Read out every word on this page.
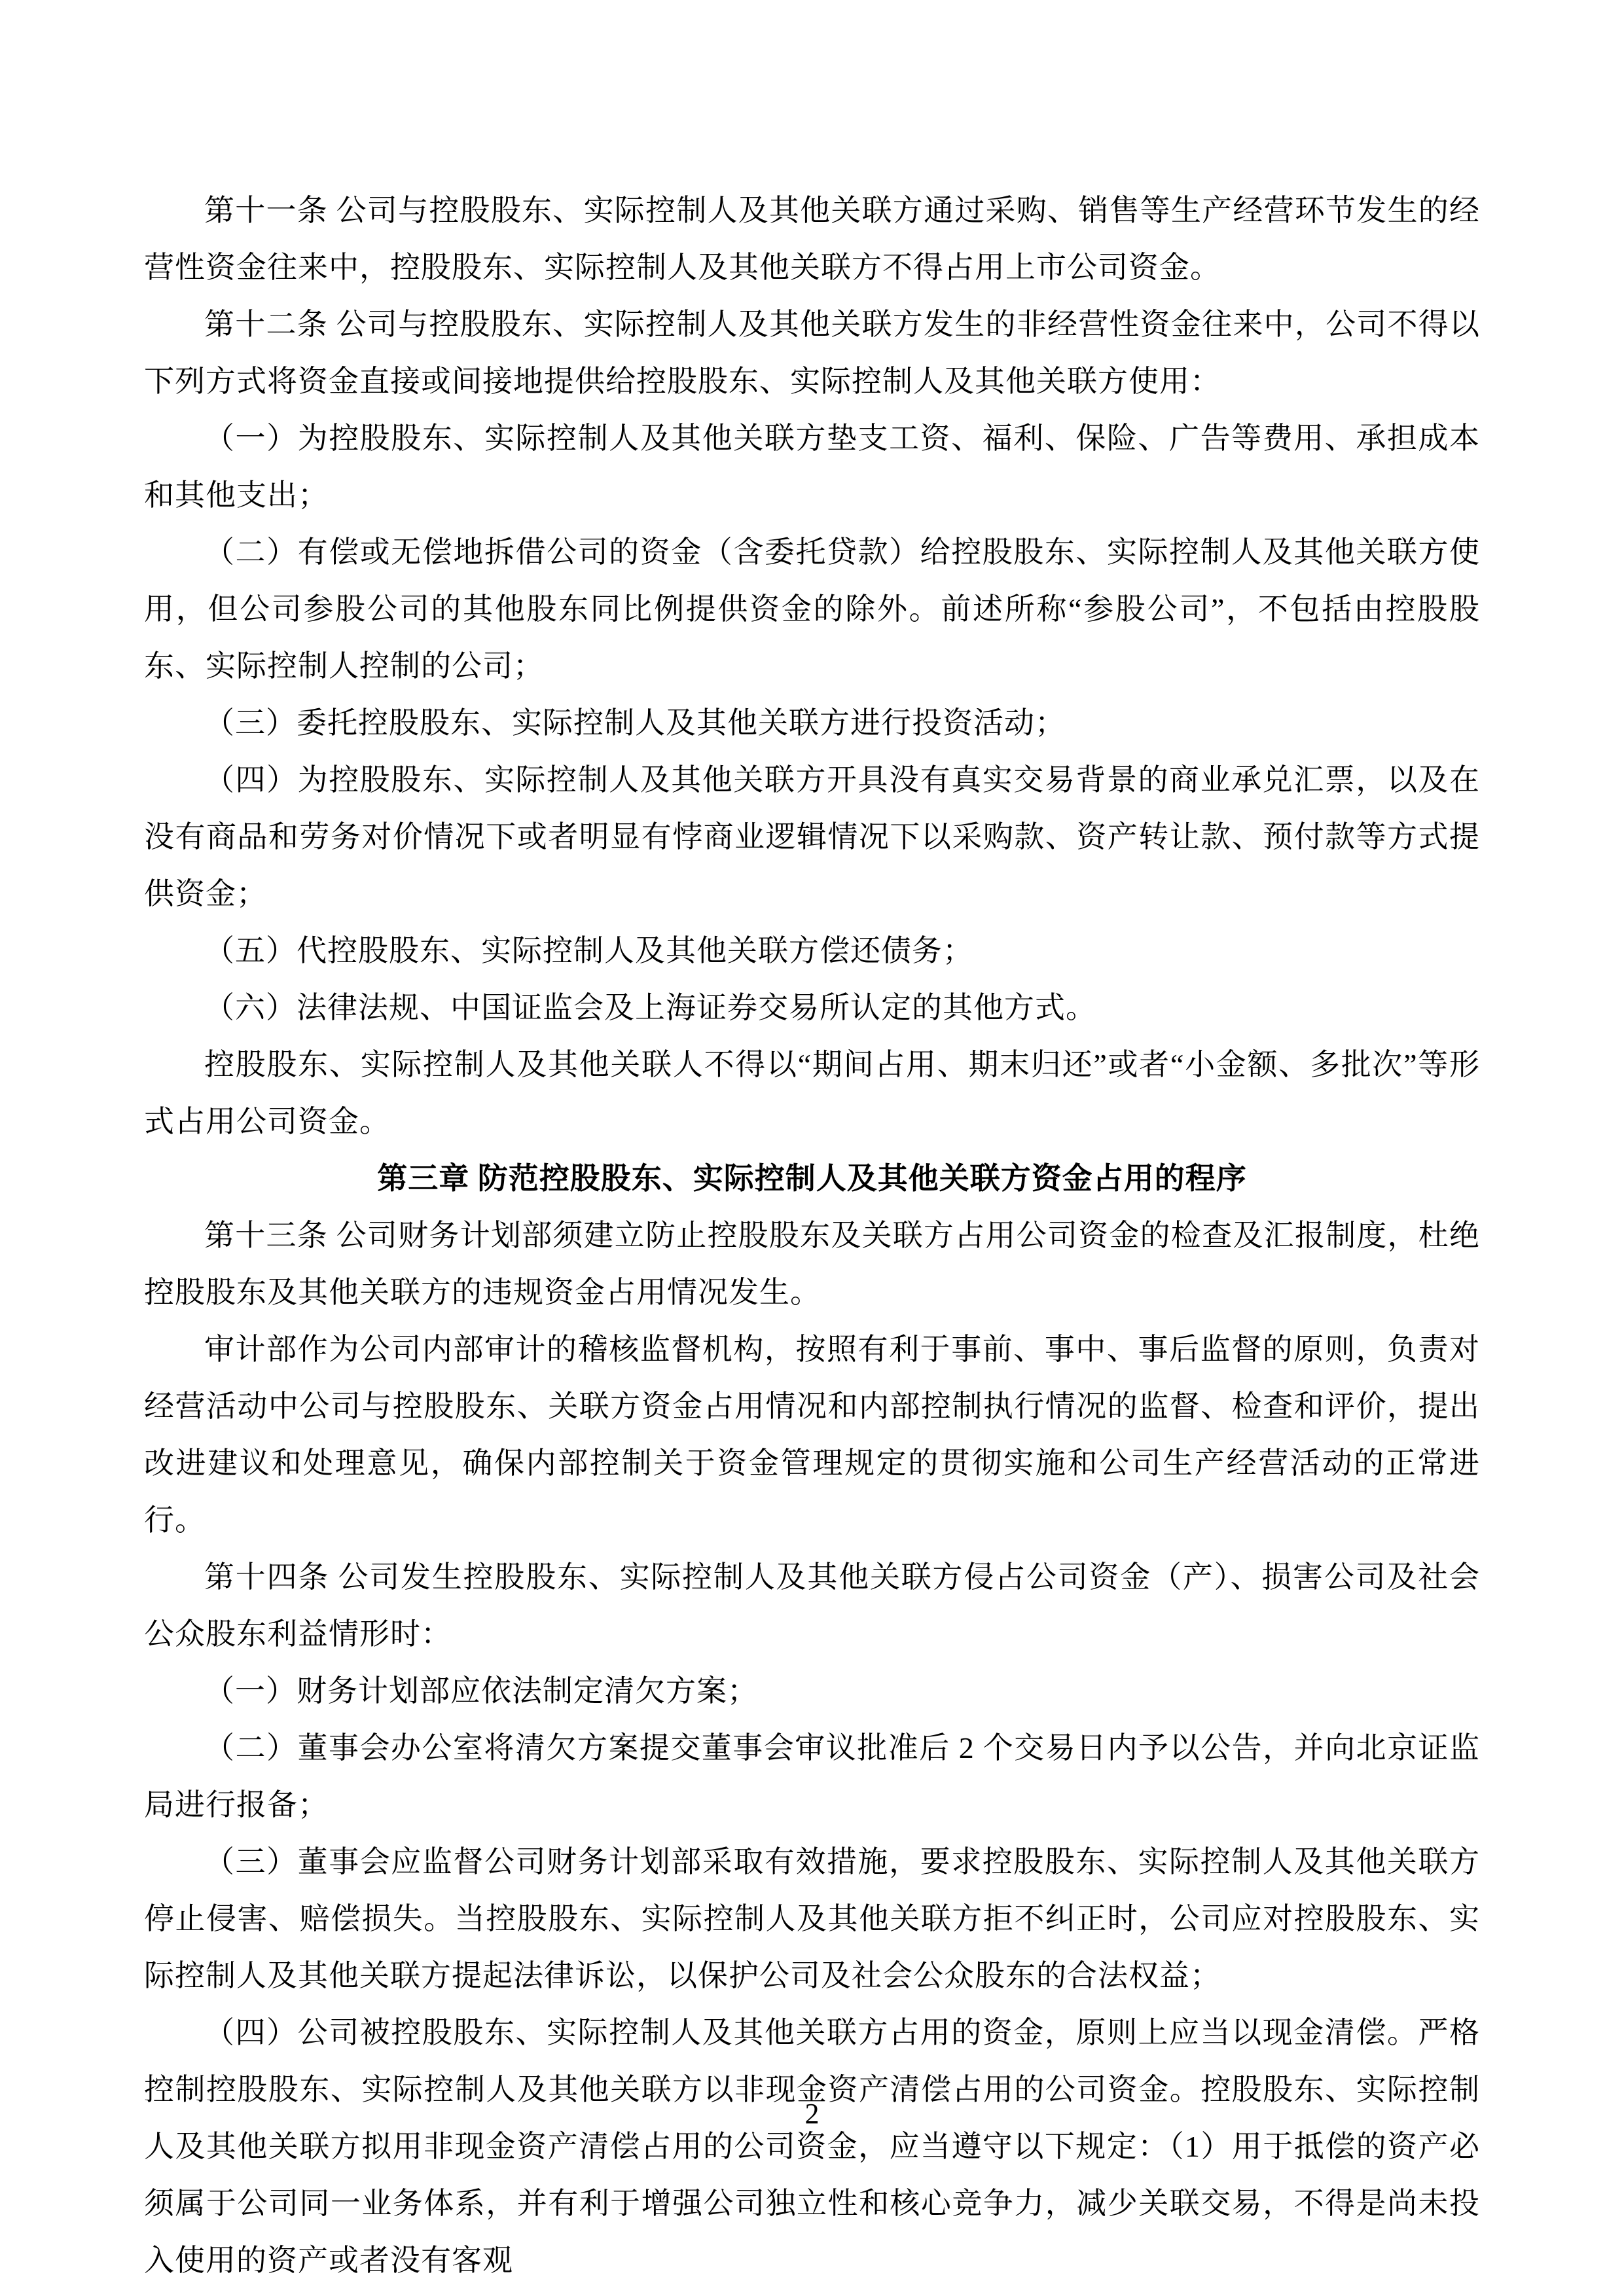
第十一条 公司与控股股东、实际控制人及其他关联方通过采购、销售等生产经营环节发生的经营性资金往来中，控股股东、实际控制人及其他关联方不得占用上市公司资金。

第十二条 公司与控股股东、实际控制人及其他关联方发生的非经营性资金往来中，公司不得以下列方式将资金直接或间接地提供给控股股东、实际控制人及其他关联方使用：

（一）为控股股东、实际控制人及其他关联方垫支工资、福利、保险、广告等费用、承担成本和其他支出；

（二）有偿或无偿地拆借公司的资金（含委托贷款）给控股股东、实际控制人及其他关联方使用，但公司参股公司的其他股东同比例提供资金的除外。前述所称“参股公司”，不包括由控股股东、实际控制人控制的公司；

（三）委托控股股东、实际控制人及其他关联方进行投资活动；

（四）为控股股东、实际控制人及其他关联方开具没有真实交易背景的商业承兑汇票，以及在没有商品和劳务对价情况下或者明显有悖商业逻辑情况下以采购款、资产转让款、预付款等方式提供资金；

（五）代控股股东、实际控制人及其他关联方偿还债务；

（六）法律法规、中国证监会及上海证券交易所认定的其他方式。

控股股东、实际控制人及其他关联人不得以“期间占用、期末归还”或者“小金额、多批次”等形式占用公司资金。

第三章 防范控股股东、实际控制人及其他关联方资金占用的程序

第十三条 公司财务计划部须建立防止控股股东及关联方占用公司资金的检查及汇报制度，杜绝控股股东及其他关联方的违规资金占用情况发生。

审计部作为公司内部审计的稽核监督机构，按照有利于事前、事中、事后监督的原则，负责对经营活动中公司与控股股东、关联方资金占用情况和内部控制执行情况的监督、检查和评价，提出改进建议和处理意见，确保内部控制关于资金管理规定的贯彻实施和公司生产经营活动的正常进行。

第十四条 公司发生控股股东、实际控制人及其他关联方侵占公司资金（产）、损害公司及社会公众股东利益情形时：

（一）财务计划部应依法制定清欠方案；

（二）董事会办公室将清欠方案提交董事会审议批准后 2 个交易日内予以公告，并向北京证监局进行报备；

（三）董事会应监督公司财务计划部采取有效措施，要求控股股东、实际控制人及其他关联方停止侵害、赔偿损失。当控股股东、实际控制人及其他关联方拒不纠正时，公司应对控股股东、实际控制人及其他关联方提起法律诉讼，以保护公司及社会公众股东的合法权益；

（四）公司被控股股东、实际控制人及其他关联方占用的资金，原则上应当以现金清偿。严格控制控股股东、实际控制人及其他关联方以非现金资产清偿占用的公司资金。控股股东、实际控制人及其他关联方拟用非现金资产清偿占用的公司资金，应当遵守以下规定：（1）用于抵偿的资产必须属于公司同一业务体系，并有利于增强公司独立性和核心竞争力，减少关联交易，不得是尚未投入使用的资产或者没有客观

2
